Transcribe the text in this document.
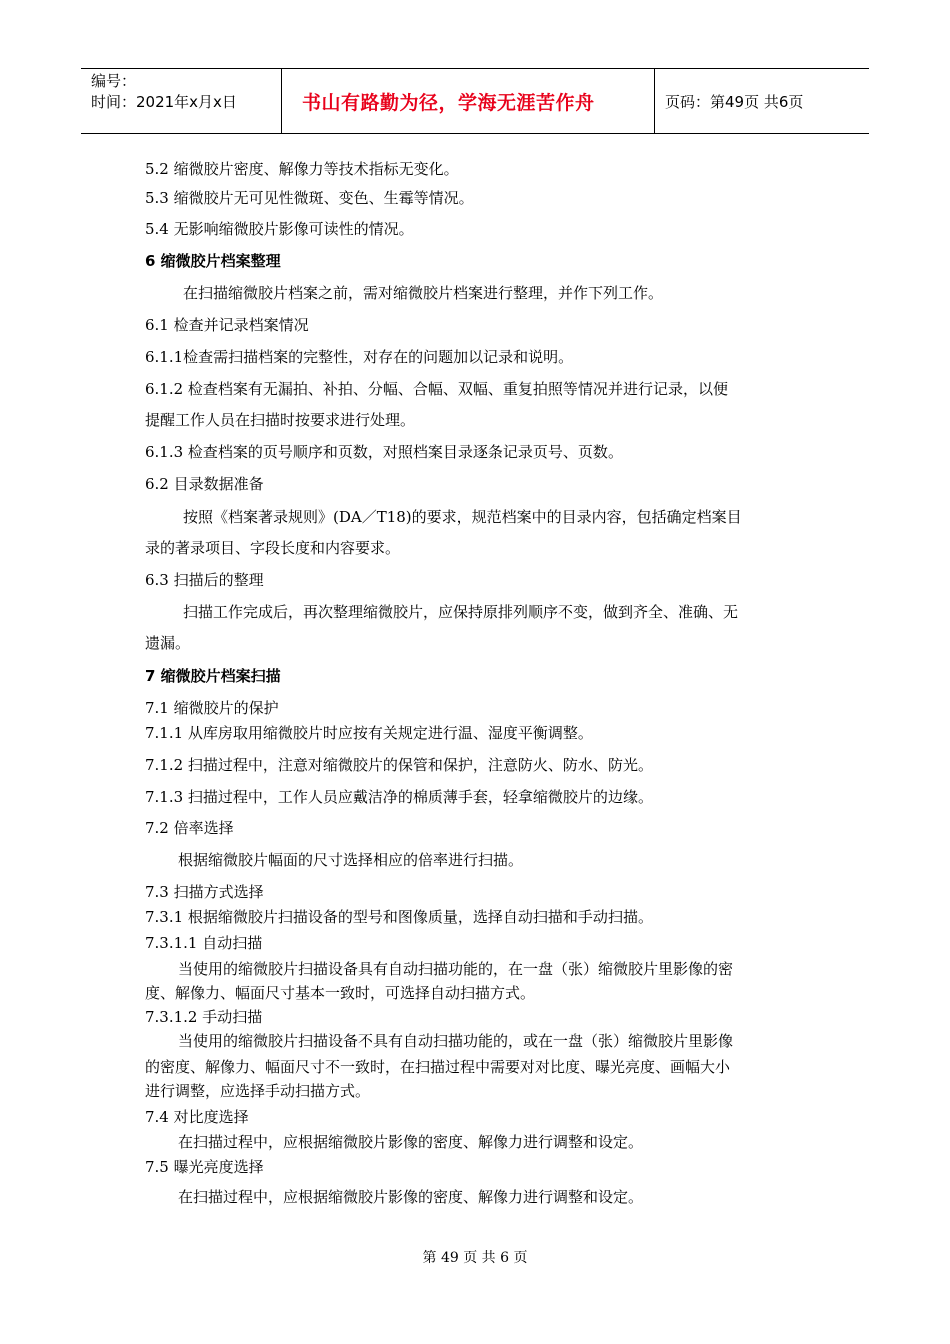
编号：
时间：2021年x月x日	书山有路勤为径，学海无涯苦作舟	页码：第49页 共6页
5.2 缩微胶片密度、解像力等技术指标无变化。
5.3 缩微胶片无可见性微斑、变色、生霉等情况。
5.4 无影响缩微胶片影像可读性的情况。
6 缩微胶片档案整理
在扫描缩微胶片档案之前，需对缩微胶片档案进行整理，并作下列工作。
6.1 检查并记录档案情况
6.1.1检查需扫描档案的完整性，对存在的问题加以记录和说明。
6.1.2 检查档案有无漏拍、补拍、分幅、合幅、双幅、重复拍照等情况并进行记录，以便
提醒工作人员在扫描时按要求进行处理。
6.1.3 检查档案的页号顺序和页数，对照档案目录逐条记录页号、页数。
6.2 目录数据准备
按照《档案著录规则》(DA／T18)的要求，规范档案中的目录内容，包括确定档案目
录的著录项目、字段长度和内容要求。
6.3 扫描后的整理
扫描工作完成后，再次整理缩微胶片，应保持原排列顺序不变，做到齐全、准确、无
遗漏。
7 缩微胶片档案扫描
7.1 缩微胶片的保护
7.1.1 从库房取用缩微胶片时应按有关规定进行温、湿度平衡调整。
7.1.2 扫描过程中，注意对缩微胶片的保管和保护，注意防火、防水、防光。
7.1.3 扫描过程中，工作人员应戴洁净的棉质薄手套，轻拿缩微胶片的边缘。
7.2 倍率选择
根据缩微胶片幅面的尺寸选择相应的倍率进行扫描。
7.3 扫描方式选择
7.3.1 根据缩微胶片扫描设备的型号和图像质量，选择自动扫描和手动扫描。
7.3.1.1 自动扫描
当使用的缩微胶片扫描设备具有自动扫描功能的，在一盘（张）缩微胶片里影像的密
度、解像力、幅面尺寸基本一致时，可选择自动扫描方式。
7.3.1.2 手动扫描
当使用的缩微胶片扫描设备不具有自动扫描功能的，或在一盘（张）缩微胶片里影像
的密度、解像力、幅面尺寸不一致时，在扫描过程中需要对对比度、曝光亮度、画幅大小
进行调整，应选择手动扫描方式。
7.4 对比度选择
在扫描过程中，应根据缩微胶片影像的密度、解像力进行调整和设定。
7.5 曝光亮度选择
在扫描过程中，应根据缩微胶片影像的密度、解像力进行调整和设定。
第 49 页 共 6 页
